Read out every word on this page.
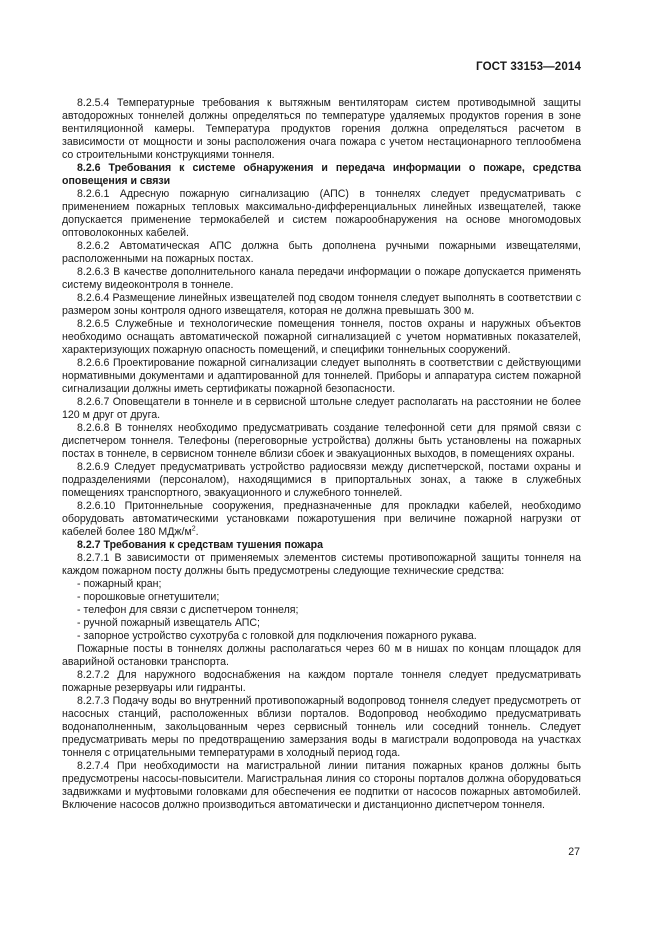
ГОСТ 33153—2014

8.2.5.4 Температурные требования к вытяжным вентиляторам систем противодымной защиты автодорожных тоннелей должны определяться по температуре удаляемых продуктов горения в зоне вентиляционной камеры. Температура продуктов горения должна определяться расчетом в зависимости от мощности и зоны расположения очага пожара с учетом нестационарного теплообмена со строительными конструкциями тоннеля.

8.2.6 Требования к системе обнаружения и передача информации о пожаре, средства оповещения и связи

8.2.6.1 Адресную пожарную сигнализацию (АПС) в тоннелях следует предусматривать с применением пожарных тепловых максимально-дифференциальных линейных извещателей, также допускается применение термокабелей и систем пожарообнаружения на основе многомодовых оптоволоконных кабелей.

8.2.6.2 Автоматическая АПС должна быть дополнена ручными пожарными извещателями, расположенными на пожарных постах.

8.2.6.3 В качестве дополнительного канала передачи информации о пожаре допускается применять систему видеоконтроля в тоннеле.

8.2.6.4 Размещение линейных извещателей под сводом тоннеля следует выполнять в соответствии с размером зоны контроля одного извещателя, которая не должна превышать 300 м.

8.2.6.5 Служебные и технологические помещения тоннеля, постов охраны и наружных объектов необходимо оснащать автоматической пожарной сигнализацией с учетом нормативных показателей, характеризующих пожарную опасность помещений, и специфики тоннельных сооружений.

8.2.6.6 Проектирование пожарной сигнализации следует выполнять в соответствии с действующими нормативными документами и адаптированной для тоннелей. Приборы и аппаратура систем пожарной сигнализации должны иметь сертификаты пожарной безопасности.

8.2.6.7 Оповещатели в тоннеле и в сервисной штольне следует располагать на расстоянии не более 120 м друг от друга.

8.2.6.8 В тоннелях необходимо предусматривать создание телефонной сети для прямой связи с диспетчером тоннеля. Телефоны (переговорные устройства) должны быть установлены на пожарных постах в тоннеле, в сервисном тоннеле вблизи сбоек и эвакуационных выходов, в помещениях охраны.

8.2.6.9 Следует предусматривать устройство радиосвязи между диспетчерской, постами охраны и подразделениями (персоналом), находящимися в припортальных зонах, а также в служебных помещениях транспортного, эвакуационного и служебного тоннелей.

8.2.6.10 Притоннельные сооружения, предназначенные для прокладки кабелей, необходимо оборудовать автоматическими установками пожаротушения при величине пожарной нагрузки от кабелей более 180 МДж/$м^2$.

8.2.7 Требования к средствам тушения пожара

8.2.7.1 В зависимости от применяемых элементов системы противопожарной защиты тоннеля на каждом пожарном посту должны быть предусмотрены следующие технические средства:

- пожарный кран;
- порошковые огнетушители;
- телефон для связи с диспетчером тоннеля;
- ручной пожарный извещатель АПС;
- запорное устройство сухотруба с головкой для подключения пожарного рукава.

Пожарные посты в тоннелях должны располагаться через 60 м в нишах по концам площадок для аварийной остановки транспорта.

8.2.7.2 Для наружного водоснабжения на каждом портале тоннеля следует предусматривать пожарные резервуары или гидранты.

8.2.7.3 Подачу воды во внутренний противопожарный водопровод тоннеля следует предусмотреть от насосных станций, расположенных вблизи порталов. Водопровод необходимо предусматривать водонаполненным, закольцованным через сервисный тоннель или соседний тоннель. Следует предусматривать меры по предотвращению замерзания воды в магистрали водопровода на участках тоннеля с отрицательными температурами в холодный период года.

8.2.7.4 При необходимости на магистральной линии питания пожарных кранов должны быть предусмотрены насосы-повысители. Магистральная линия со стороны порталов должна оборудоваться задвижками и муфтовыми головками для обеспечения ее подпитки от насосов пожарных автомобилей. Включение насосов должно производиться автоматически и дистанционно диспетчером тоннеля.

27
